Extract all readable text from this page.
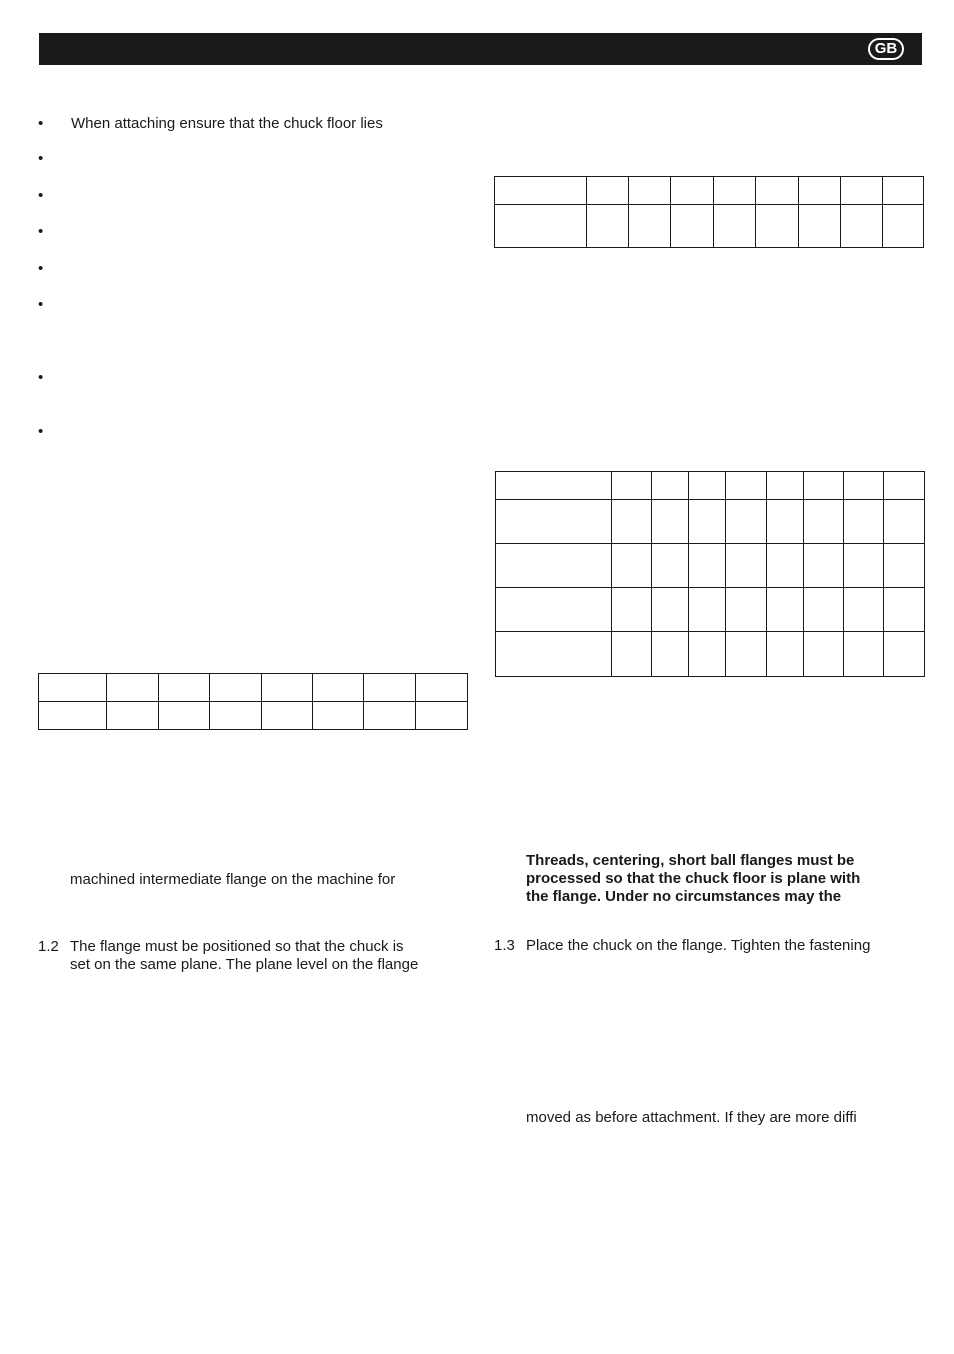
GB
• When attaching ensure that the chuck floor lies
•
•
•
•
•
•
•

Threads, centering, short ball flanges must be
processed so that the chuck floor is plane with
the flange. Under no circumstances may the
machined intermediate flange on the machine for
1.2 The flange must be positioned so that the chuck is
set on the same plane. The plane level on the flange
1.3 Place the chuck on the flange. Tighten the fastening
moved as before attachment. If they are more diffi
